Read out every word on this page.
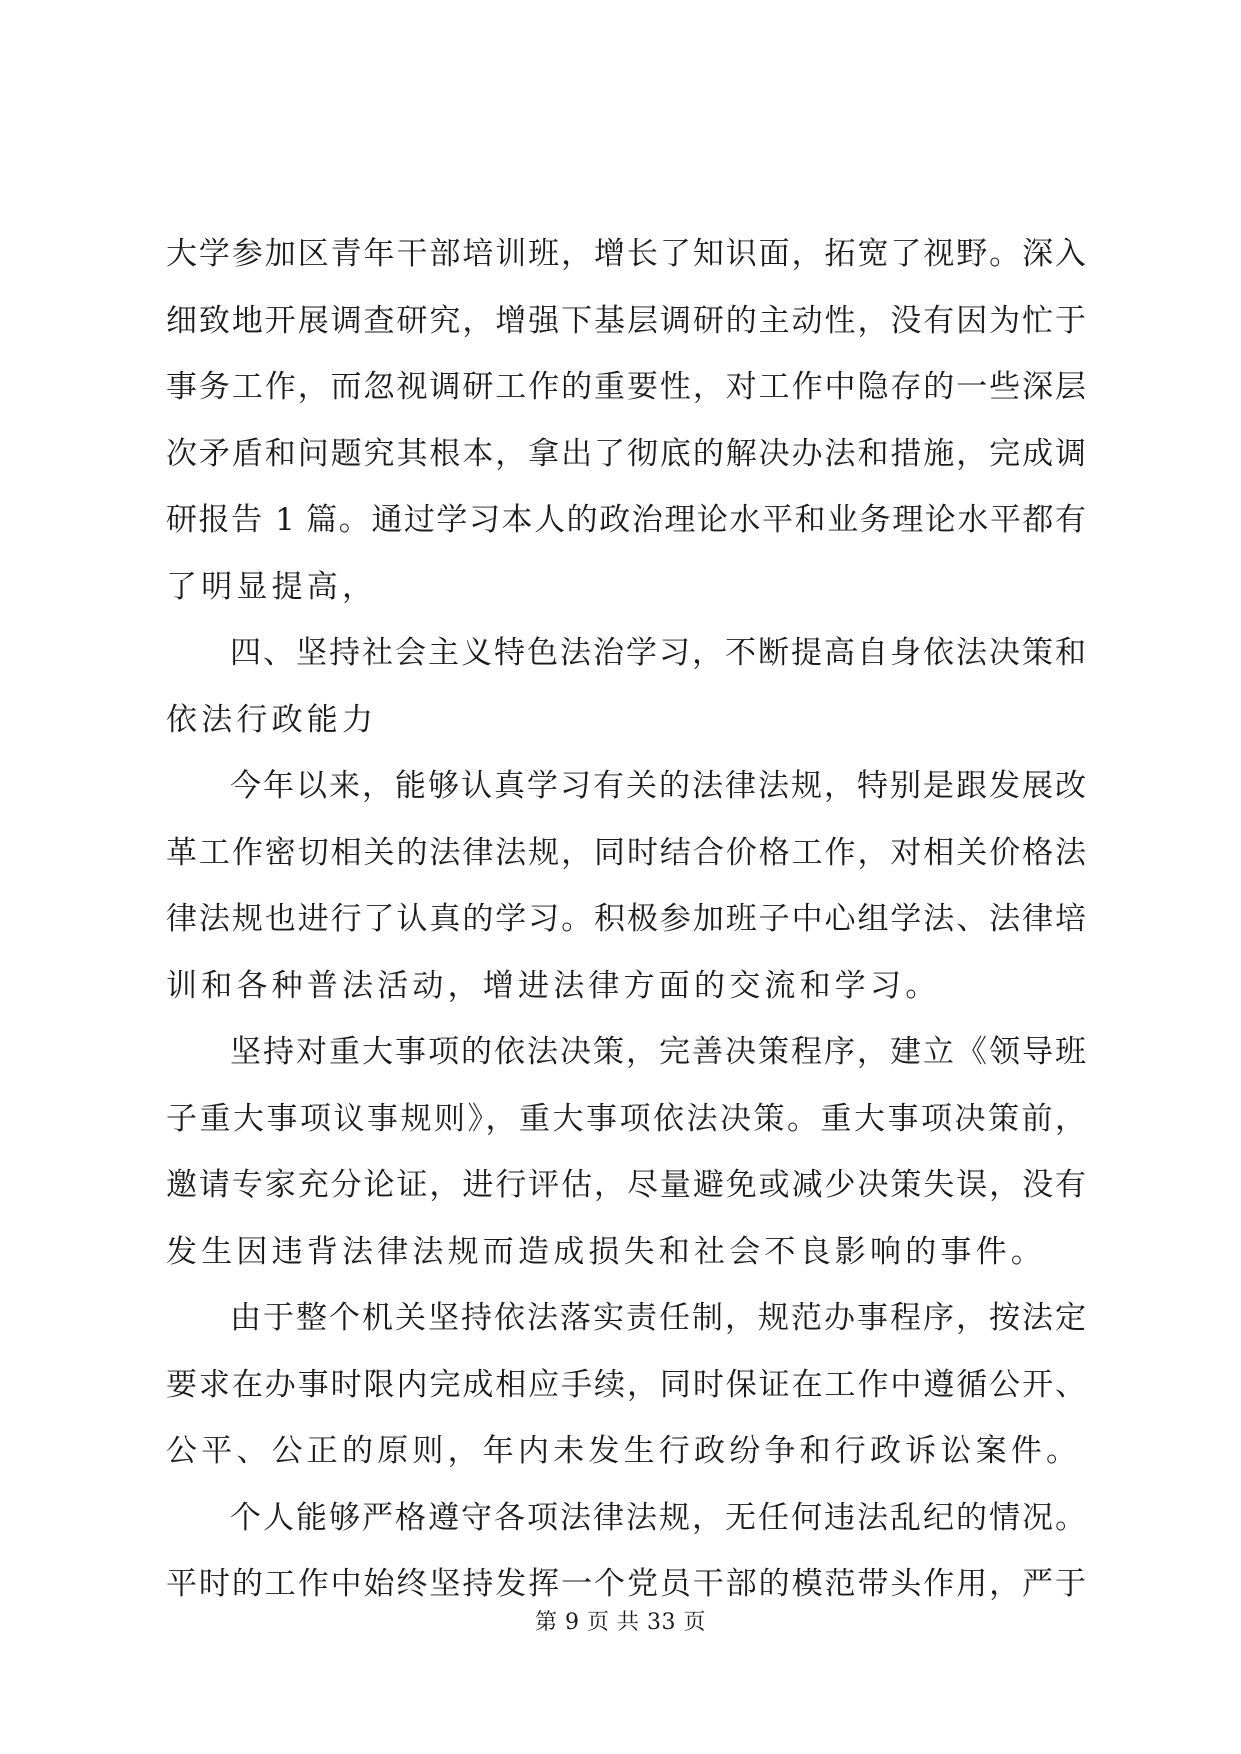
大学参加区青年干部培训班，增长了知识面，拓宽了视野。深入
细致地开展调查研究，增强下基层调研的主动性，没有因为忙于
事务工作，而忽视调研工作的重要性，对工作中隐存的一些深层
次矛盾和问题究其根本，拿出了彻底的解决办法和措施，完成调
研报告 1 篇。通过学习本人的政治理论水平和业务理论水平都有
了明显提高，
四、坚持社会主义特色法治学习，不断提高自身依法决策和
依法行政能力
今年以来，能够认真学习有关的法律法规，特别是跟发展改
革工作密切相关的法律法规，同时结合价格工作，对相关价格法
律法规也进行了认真的学习。积极参加班子中心组学法、法律培
训和各种普法活动，增进法律方面的交流和学习。
坚持对重大事项的依法决策，完善决策程序，建立《领导班
子重大事项议事规则》，重大事项依法决策。重大事项决策前，
邀请专家充分论证，进行评估，尽量避免或减少决策失误，没有
发生因违背法律法规而造成损失和社会不良影响的事件。
由于整个机关坚持依法落实责任制，规范办事程序，按法定
要求在办事时限内完成相应手续，同时保证在工作中遵循公开、
公平、公正的原则，年内未发生行政纷争和行政诉讼案件。
个人能够严格遵守各项法律法规，无任何违法乱纪的情况。
平时的工作中始终坚持发挥一个党员干部的模范带头作用，严于
第 9 页 共 33 页
